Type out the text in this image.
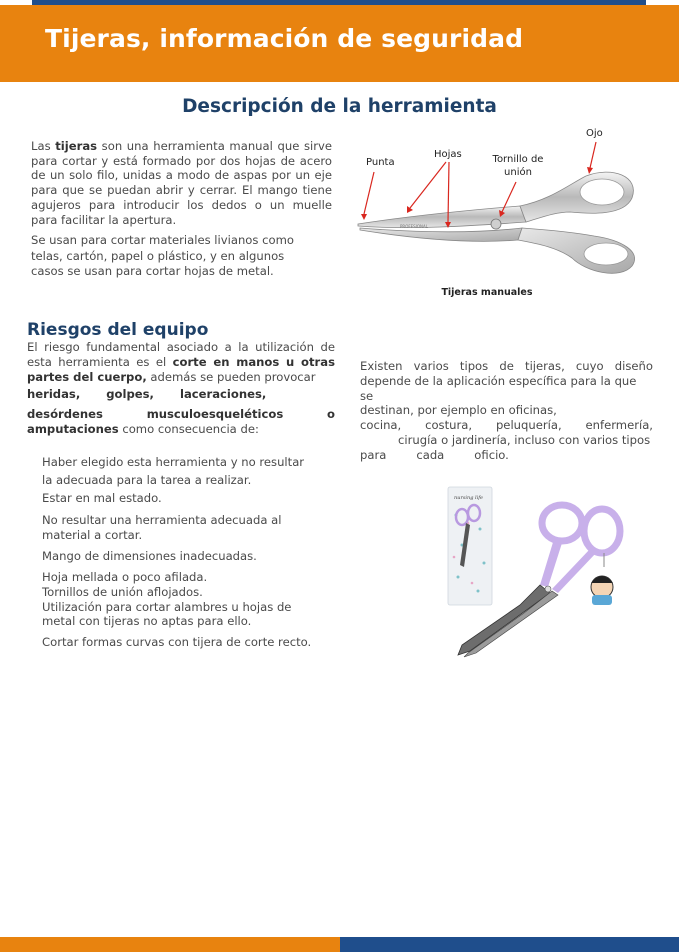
Tijeras, información de seguridad
Descripción de la herramienta
Las tijeras son una herramienta manual que sirve
para cortar y está formado por dos hojas de acero
de un solo filo, unidas a modo de aspas por un eje
para que se puedan abrir y cerrar. El mango tiene
agujeros para introducir los dedos o un muelle
para facilitar la apertura.
Se usan para cortar materiales livianos como
telas, cartón, papel o plástico, y en algunos
casos se usan para cortar hojas de metal.
Ojo
Hojas
Punta	Tornillo de
unión
PROFESIONAL
Tijeras manuales
Riesgos del equipo
El riesgo fundamental asociado a la utilización de
esta herramienta es el corte en manos u otras
partes del cuerpo, además se pueden provocar
heridas, golpes, laceraciones,
desórdenes	musculoesqueléticos	o
amputaciones como consecuencia de:
Haber elegido esta herramienta y no resultar
la adecuada para la tarea a realizar.
Estar en mal estado.
No resultar una herramienta adecuada al
material a cortar.
Mango de dimensiones inadecuadas.
Hoja mellada o poco afilada.
Tornillos de unión aflojados.
Utilización para cortar alambres u hojas de
metal con tijeras no aptas para ello.
Cortar formas curvas con tijera de corte recto.
Existen varios tipos de tijeras, cuyo diseño
depende de la aplicación específica para la que se
destinan, por ejemplo en oficinas,
cocina, costura, peluquería, enfermería,
cirugía o jardinería, incluso con varios tipos
para	cada	oficio.
nursing life
